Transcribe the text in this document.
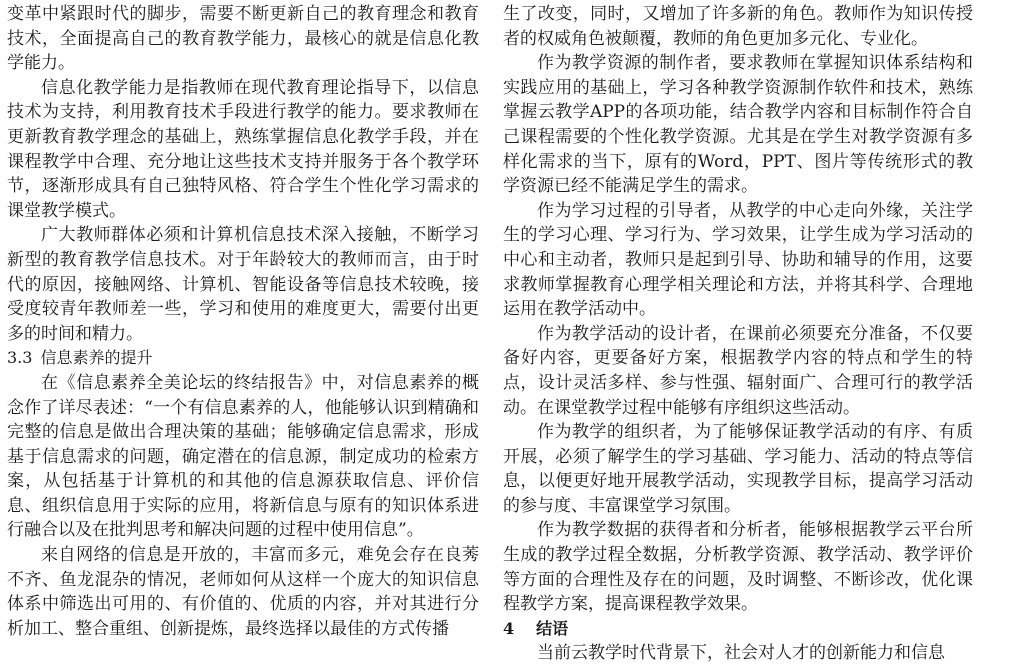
变革中紧跟时代的脚步，需要不断更新自己的教育理念和教育技术，全面提高自己的教育教学能力，最核心的就是信息化教学能力。

信息化教学能力是指教师在现代教育理论指导下，以信息技术为支持，利用教育技术手段进行教学的能力。要求教师在更新教育教学理念的基础上，熟练掌握信息化教学手段，并在课程教学中合理、充分地让这些技术支持并服务于各个教学环节，逐渐形成具有自己独特风格、符合学生个性化学习需求的课堂教学模式。

广大教师群体必须和计算机信息技术深入接触，不断学习新型的教育教学信息技术。对于年龄较大的教师而言，由于时代的原因，接触网络、计算机、智能设备等信息技术较晚，接受度较青年教师差一些，学习和使用的难度更大，需要付出更多的时间和精力。

3.3 信息素养的提升

在《信息素养全美论坛的终结报告》中，对信息素养的概念作了详尽表述：“一个有信息素养的人，他能够认识到精确和完整的信息是做出合理决策的基础；能够确定信息需求，形成基于信息需求的问题，确定潜在的信息源，制定成功的检索方案，从包括基于计算机的和其他的信息源获取信息、评价信息、组织信息用于实际的应用，将新信息与原有的知识体系进行融合以及在批判思考和解决问题的过程中使用信息”。

来自网络的信息是开放的，丰富而多元，难免会存在良莠不齐、鱼龙混杂的情况，老师如何从这样一个庞大的知识信息体系中筛选出可用的、有价值的、优质的内容，并对其进行分析加工、整合重组、创新提炼，最终选择以最佳的方式传播

生了改变，同时，又增加了许多新的角色。教师作为知识传授者的权威角色被颠覆，教师的角色更加多元化、专业化。

作为教学资源的制作者，要求教师在掌握知识体系结构和实践应用的基础上，学习各种教学资源制作软件和技术，熟练掌握云教学APP的各项功能，结合教学内容和目标制作符合自己课程需要的个性化教学资源。尤其是在学生对教学资源有多样化需求的当下，原有的Word，PPT、图片等传统形式的教学资源已经不能满足学生的需求。

作为学习过程的引导者，从教学的中心走向外缘，关注学生的学习心理、学习行为、学习效果，让学生成为学习活动的中心和主动者，教师只是起到引导、协助和辅导的作用，这要求教师掌握教育心理学相关理论和方法，并将其科学、合理地运用在教学活动中。

作为教学活动的设计者，在课前必须要充分准备，不仅要备好内容，更要备好方案，根据教学内容的特点和学生的特点，设计灵活多样、参与性强、辐射面广、合理可行的教学活动。在课堂教学过程中能够有序组织这些活动。

作为教学的组织者，为了能够保证教学活动的有序、有质开展，必须了解学生的学习基础、学习能力、活动的特点等信息，以便更好地开展教学活动，实现教学目标，提高学习活动的参与度、丰富课堂学习氛围。

作为教学数据的获得者和分析者，能够根据教学云平台所生成的教学过程全数据，分析教学资源、教学活动、教学评价等方面的合理性及存在的问题，及时调整、不断诊改，优化课程教学方案，提高课程教学效果。

4 结语

当前云教学时代背景下，社会对人才的创新能力和信息
